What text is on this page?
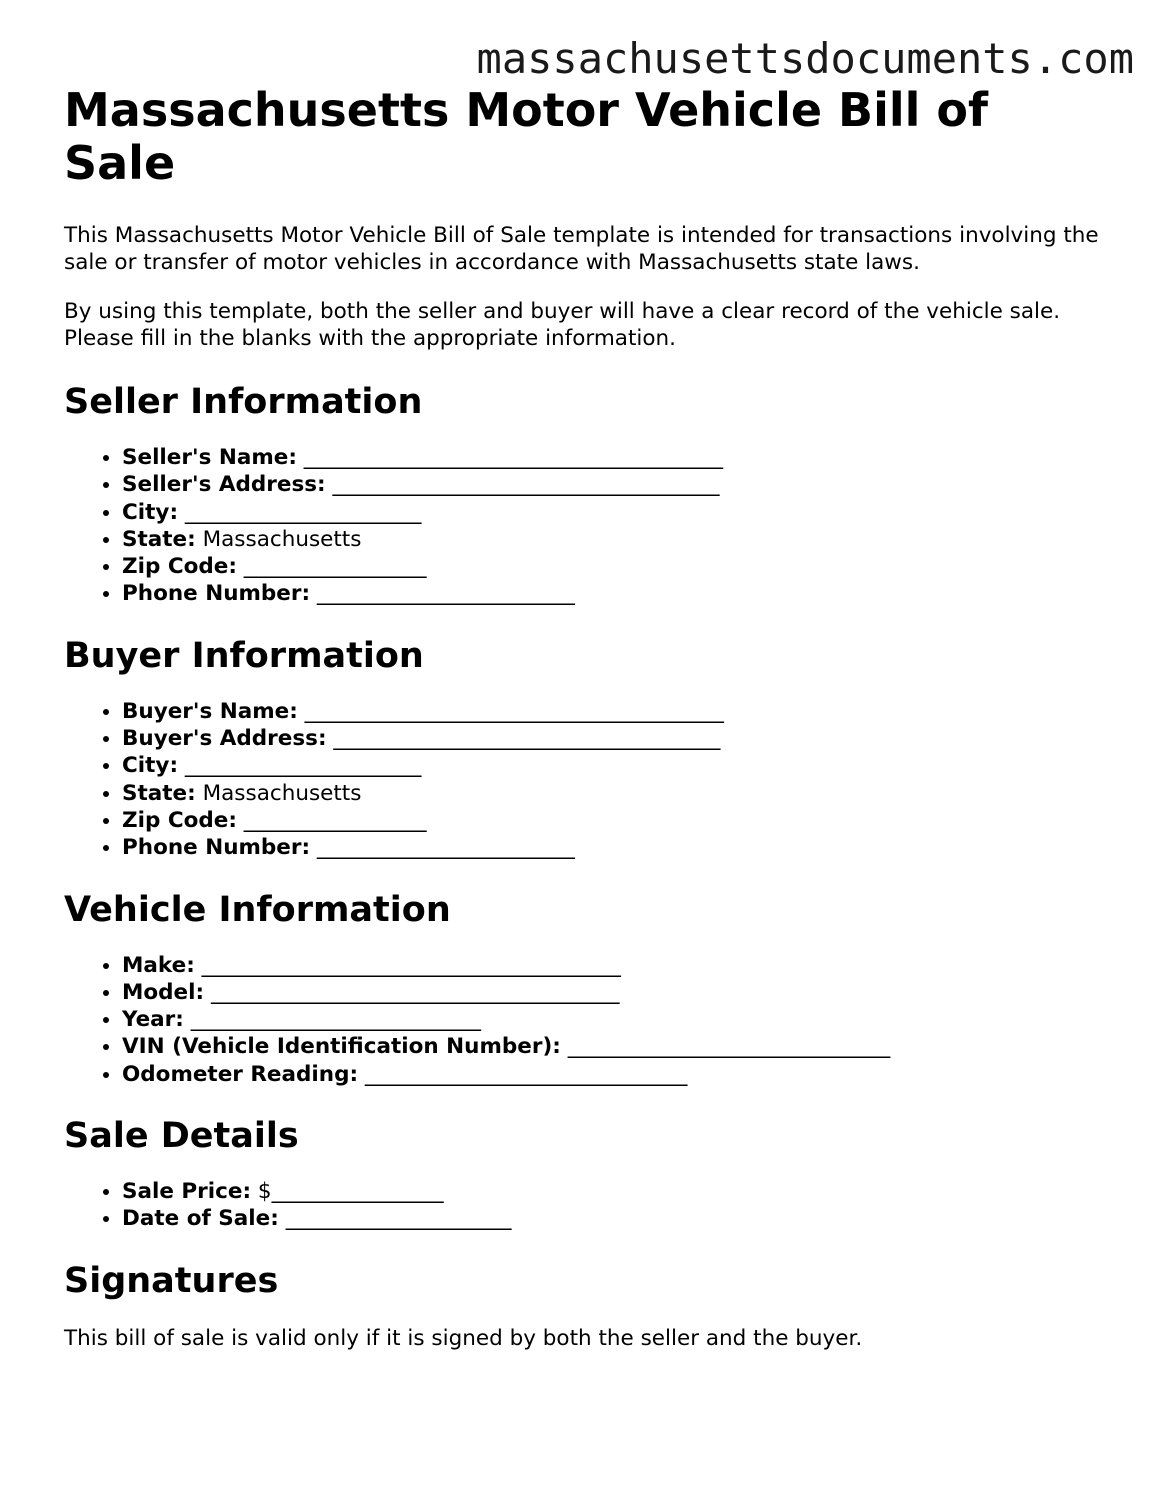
massachusettsdocuments.com
Massachusetts Motor Vehicle Bill of Sale

This Massachusetts Motor Vehicle Bill of Sale template is intended for transactions involving the sale or transfer of motor vehicles in accordance with Massachusetts state laws.

By using this template, both the seller and buyer will have a clear record of the vehicle sale. Please fill in the blanks with the appropriate information.

Seller Information
• Seller's Name: _______________________________________
• Seller's Address: ____________________________________
• City: ______________________
• State: Massachusetts
• Zip Code: _________________
• Phone Number: ________________________
Buyer Information
• Buyer's Name: _______________________________________
• Buyer's Address: ____________________________________
• City: ______________________
• State: Massachusetts
• Zip Code: _________________
• Phone Number: ________________________
Vehicle Information
• Make: _______________________________________
• Model: ______________________________________
• Year: ___________________________
• VIN (Vehicle Identification Number): ______________________________
• Odometer Reading: ______________________________
Sale Details
• Sale Price: $________________
• Date of Sale: _____________________
Signatures

This bill of sale is valid only if it is signed by both the seller and the buyer.
